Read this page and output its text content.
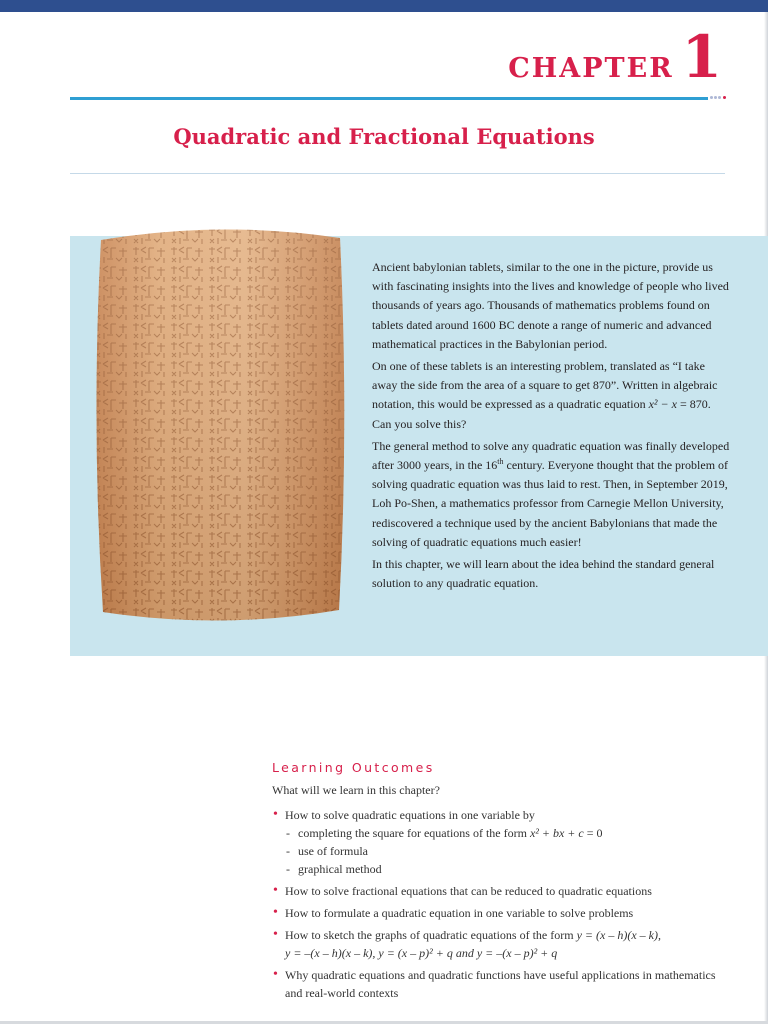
CHAPTER 1
Quadratic and Fractional Equations

Ancient babylonian tablets, similar to the one in the picture, provide us with fascinating insights into the lives and knowledge of people who lived thousands of years ago. Thousands of mathematics problems found on tablets dated around 1600 BC denote a range of numeric and advanced mathematical practices in the Babylonian period.

On one of these tablets is an interesting problem, translated as “I take away the side from the area of a square to get 870”. Written in algebraic notation, this would be expressed as a quadratic equation x² − x = 870. Can you solve this?

The general method to solve any quadratic equation was finally developed after 3000 years, in the 16th century. Everyone thought that the problem of solving quadratic equation was thus laid to rest. Then, in September 2019, Loh Po-Shen, a mathematics professor from Carnegie Mellon University, rediscovered a technique used by the ancient Babylonians that made the solving of quadratic equations much easier!

In this chapter, we will learn about the idea behind the standard general solution to any quadratic equation.

Learning Outcomes
What will we learn in this chapter?
• How to solve quadratic equations in one variable by
- completing the square for equations of the form x² + bx + c = 0
- use of formula
- graphical method
• How to solve fractional equations that can be reduced to quadratic equations
• How to formulate a quadratic equation in one variable to solve problems
• How to sketch the graphs of quadratic equations of the form y = (x – h)(x – k),
y = –(x – h)(x – k), y = (x – p)² + q and y = –(x – p)² + q
• Why quadratic equations and quadratic functions have useful applications in mathematics and real-world contexts
